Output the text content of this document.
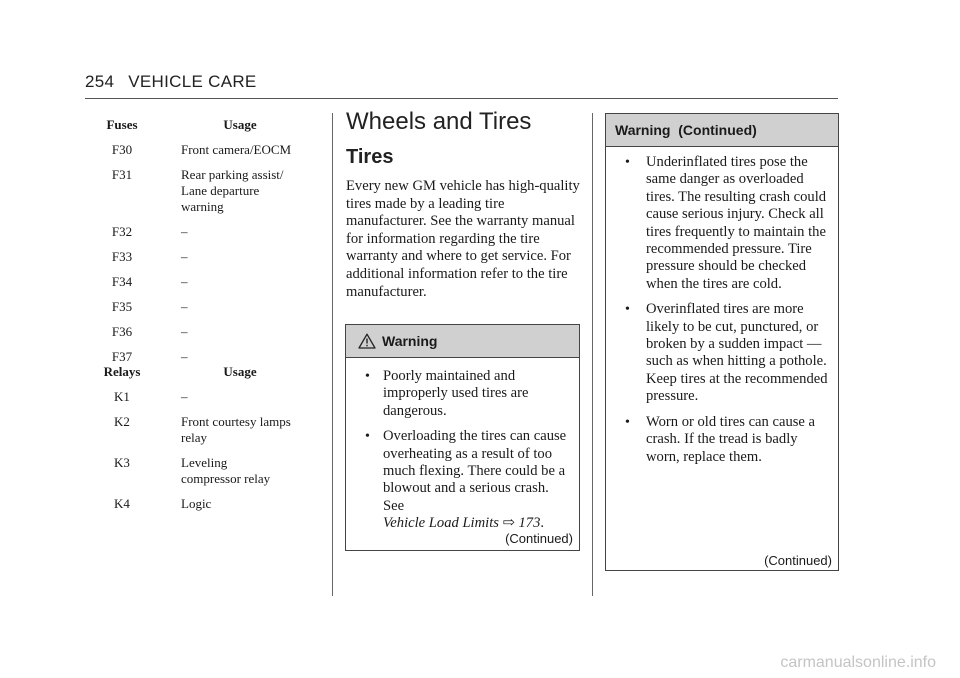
254 VEHICLE CARE
Fuses	Usage
F30	Front camera/EOCM
F31	Rear parking assist/ Lane departure warning
F32	–
F33	–
F34	–
F35	–
F36	–
F37	–
Relays	Usage
K1	–
K2	Front courtesy lamps relay
K3	Leveling compressor relay
K4	Logic
Wheels and Tires
Tires

Every new GM vehicle has high-quality tires made by a leading tire manufacturer. See the warranty manual for information regarding the tire warranty and where to get service. For additional information refer to the tire manufacturer.

Warning
• Poorly maintained and improperly used tires are dangerous.
• Overloading the tires can cause overheating as a result of too much flexing. There could be a blowout and a serious crash. See
Vehicle Load Limits ⇨ 173.
(Continued)
Warning  (Continued)
• Underinflated tires pose the same danger as overloaded tires. The resulting crash could cause serious injury. Check all tires frequently to maintain the recommended pressure. Tire pressure should be checked when the tires are cold.
• Overinflated tires are more likely to be cut, punctured, or broken by a sudden impact — such as when hitting a pothole. Keep tires at the recommended pressure.
• Worn or old tires can cause a crash. If the tread is badly worn, replace them.
(Continued)
carmanualsonline.info
